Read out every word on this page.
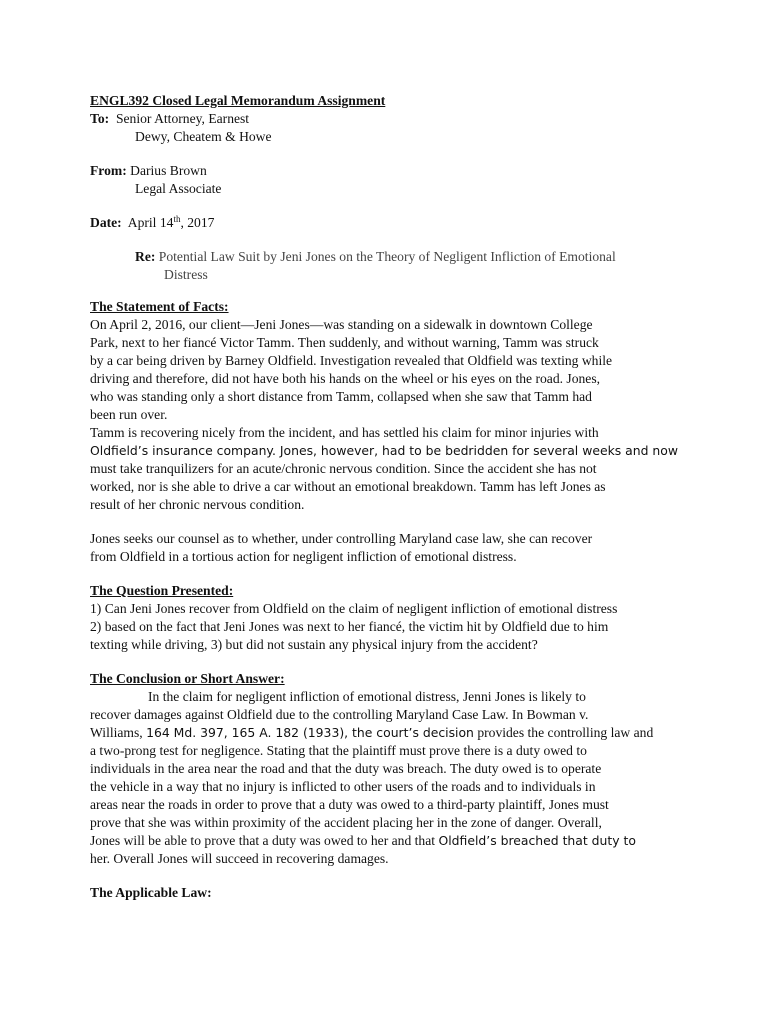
ENGL392 Closed Legal Memorandum Assignment
To: Senior Attorney, Earnest
Dewy, Cheatem & Howe
From: Darius Brown
Legal Associate
Date: April 14th, 2017
Re: Potential Law Suit by Jeni Jones on the Theory of Negligent Infliction of Emotional
Distress
The Statement of Facts:
On April 2, 2016, our client—Jeni Jones—was standing on a sidewalk in downtown College
Park, next to her fiancé Victor Tamm. Then suddenly, and without warning, Tamm was struck
by a car being driven by Barney Oldfield. Investigation revealed that Oldfield was texting while
driving and therefore, did not have both his hands on the wheel or his eyes on the road. Jones,
who was standing only a short distance from Tamm, collapsed when she saw that Tamm had
been run over.
Tamm is recovering nicely from the incident, and has settled his claim for minor injuries with
Oldfield’s insurance company. Jones, however, had to be bedridden for several weeks and now
must take tranquilizers for an acute/chronic nervous condition. Since the accident she has not
worked, nor is she able to drive a car without an emotional breakdown. Tamm has left Jones as
result of her chronic nervous condition.
Jones seeks our counsel as to whether, under controlling Maryland case law, she can recover
from Oldfield in a tortious action for negligent infliction of emotional distress.
The Question Presented:
1) Can Jeni Jones recover from Oldfield on the claim of negligent infliction of emotional distress
2) based on the fact that Jeni Jones was next to her fiancé, the victim hit by Oldfield due to him
texting while driving, 3) but did not sustain any physical injury from the accident?
The Conclusion or Short Answer:
In the claim for negligent infliction of emotional distress, Jenni Jones is likely to
recover damages against Oldfield due to the controlling Maryland Case Law. In Bowman v.
Williams, 164 Md. 397, 165 A. 182 (1933), the court’s decision provides the controlling law and
a two-prong test for negligence. Stating that the plaintiff must prove there is a duty owed to
individuals in the area near the road and that the duty was breach. The duty owed is to operate
the vehicle in a way that no injury is inflicted to other users of the roads and to individuals in
areas near the roads in order to prove that a duty was owed to a third-party plaintiff, Jones must
prove that she was within proximity of the accident placing her in the zone of danger. Overall,
Jones will be able to prove that a duty was owed to her and that Oldfield’s breached that duty to
her. Overall Jones will succeed in recovering damages.
The Applicable Law:
